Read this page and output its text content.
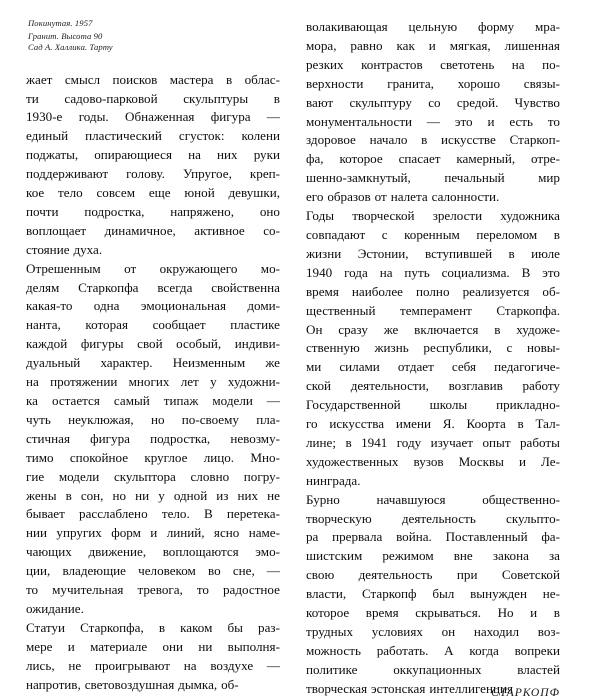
Покинутая. 1957
Гранит. Высота 90
Сад А. Халлика. Тарту
жает смысл поисков мастера в облас-
ти садово-парковой скульптуры в
1930-е годы. Обнаженная фигура —
единый пластический сгусток: колени
поджаты, опирающиеся на них руки
поддерживают голову. Упругое, креп-
кое тело совсем еще юной девушки,
почти подростка, напряжено, оно
воплощает динамичное, активное со-
стояние духа.
Отрешенным от окружающего мо-
делям Старкопфа всегда свойственна
какая-то одна эмоциональная доми-
нанта, которая сообщает пластике
каждой фигуры свой особый, индиви-
дуальный характер. Неизменным же
на протяжении многих лет у художни-
ка остается самый типаж модели —
чуть неуклюжая, но по-своему пла-
стичная фигура подростка, невозму-
тимо спокойное круглое лицо. Мно-
гие модели скульптора словно погру-
жены в сон, но ни у одной из них не
бывает расслаблено тело. В перетека-
нии упругих форм и линий, ясно наме-
чающих движение, воплощаются эмо-
ции, владеющие человеком во сне, —
то мучительная тревога, то радостное
ожидание.
Статуи Старкопфа, в каком бы раз-
мере и материале они ни выполня-
лись, не проигрывают на воздухе —
напротив, световоздушная дымка, об-
волакивающая цельную форму мра-
мора, равно как и мягкая, лишенная
резких контрастов светотень на по-
верхности гранита, хорошо связы-
вают скульптуру со средой. Чувство
монументальности — это и есть то
здоровое начало в искусстве Старкоп-
фа, которое спасает камерный, отре-
шенно-замкнутый,	печальный	мир
его образов от налета салонности.
Годы творческой зрелости художника
совпадают с коренным переломом в
жизни Эстонии, вступившей в июле
1940 года на путь социализма. В это
время наиболее полно реализуется об-
щественный темперамент Старкопфа.
Он сразу же включается в художе-
ственную жизнь республики, с новы-
ми силами отдает себя педагогиче-
ской деятельности, возглавив работу
Государственной школы прикладно-
го искусства имени Я. Коорта в Тал-
лине; в 1941 году изучает опыт работы
художественных вузов Москвы и Ле-
нинграда.
Бурно	начавшуюся	общественно-
творческую деятельность скульпто-
ра прервала война. Поставленный фа-
шистским режимом вне закона за
свою деятельность при Советской
власти, Старкопф был вынужден не-
которое время скрываться. Но и в
трудных условиях он находил воз-
можность работать. А когда вопреки
политике	оккупационных	властей
творческая эстонская интеллигенция
СТАРКОПФ
